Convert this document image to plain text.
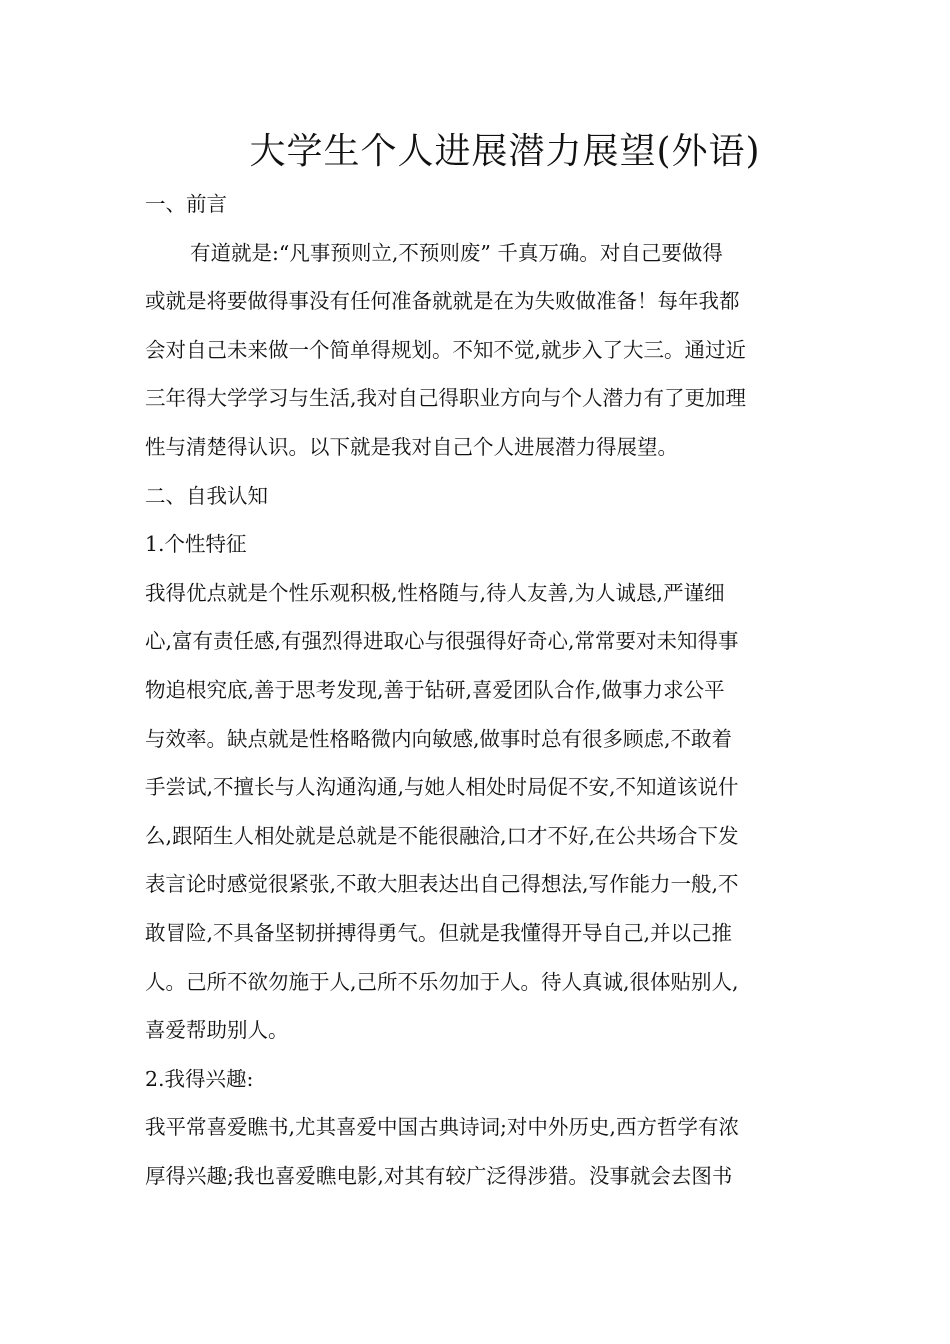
大学生个人进展潜力展望(外语)
一、前言
有道就是:“凡事预则立,不预则废” 千真万确。对自己要做得
或就是将要做得事没有任何准备就就是在为失败做准备！每年我都
会对自己未来做一个简单得规划。不知不觉,就步入了大三。通过近
三年得大学学习与生活,我对自己得职业方向与个人潜力有了更加理
性与清楚得认识。以下就是我对自己个人进展潜力得展望。
二、自我认知
1.个性特征
我得优点就是个性乐观积极,性格随与,待人友善,为人诚恳,严谨细
心,富有责任感,有强烈得进取心与很强得好奇心,常常要对未知得事
物追根究底,善于思考发现,善于钻研,喜爱团队合作,做事力求公平
与效率。缺点就是性格略微内向敏感,做事时总有很多顾虑,不敢着
手尝试,不擅长与人沟通沟通,与她人相处时局促不安,不知道该说什
么,跟陌生人相处就是总就是不能很融洽,口才不好,在公共场合下发
表言论时感觉很紧张,不敢大胆表达出自己得想法,写作能力一般,不
敢冒险,不具备坚韧拼搏得勇气。但就是我懂得开导自己,并以己推
人。己所不欲勿施于人,己所不乐勿加于人。待人真诚,很体贴别人,
喜爱帮助别人。
2.我得兴趣:
我平常喜爱瞧书,尤其喜爱中国古典诗词;对中外历史,西方哲学有浓
厚得兴趣;我也喜爱瞧电影,对其有较广泛得涉猎。没事就会去图书
